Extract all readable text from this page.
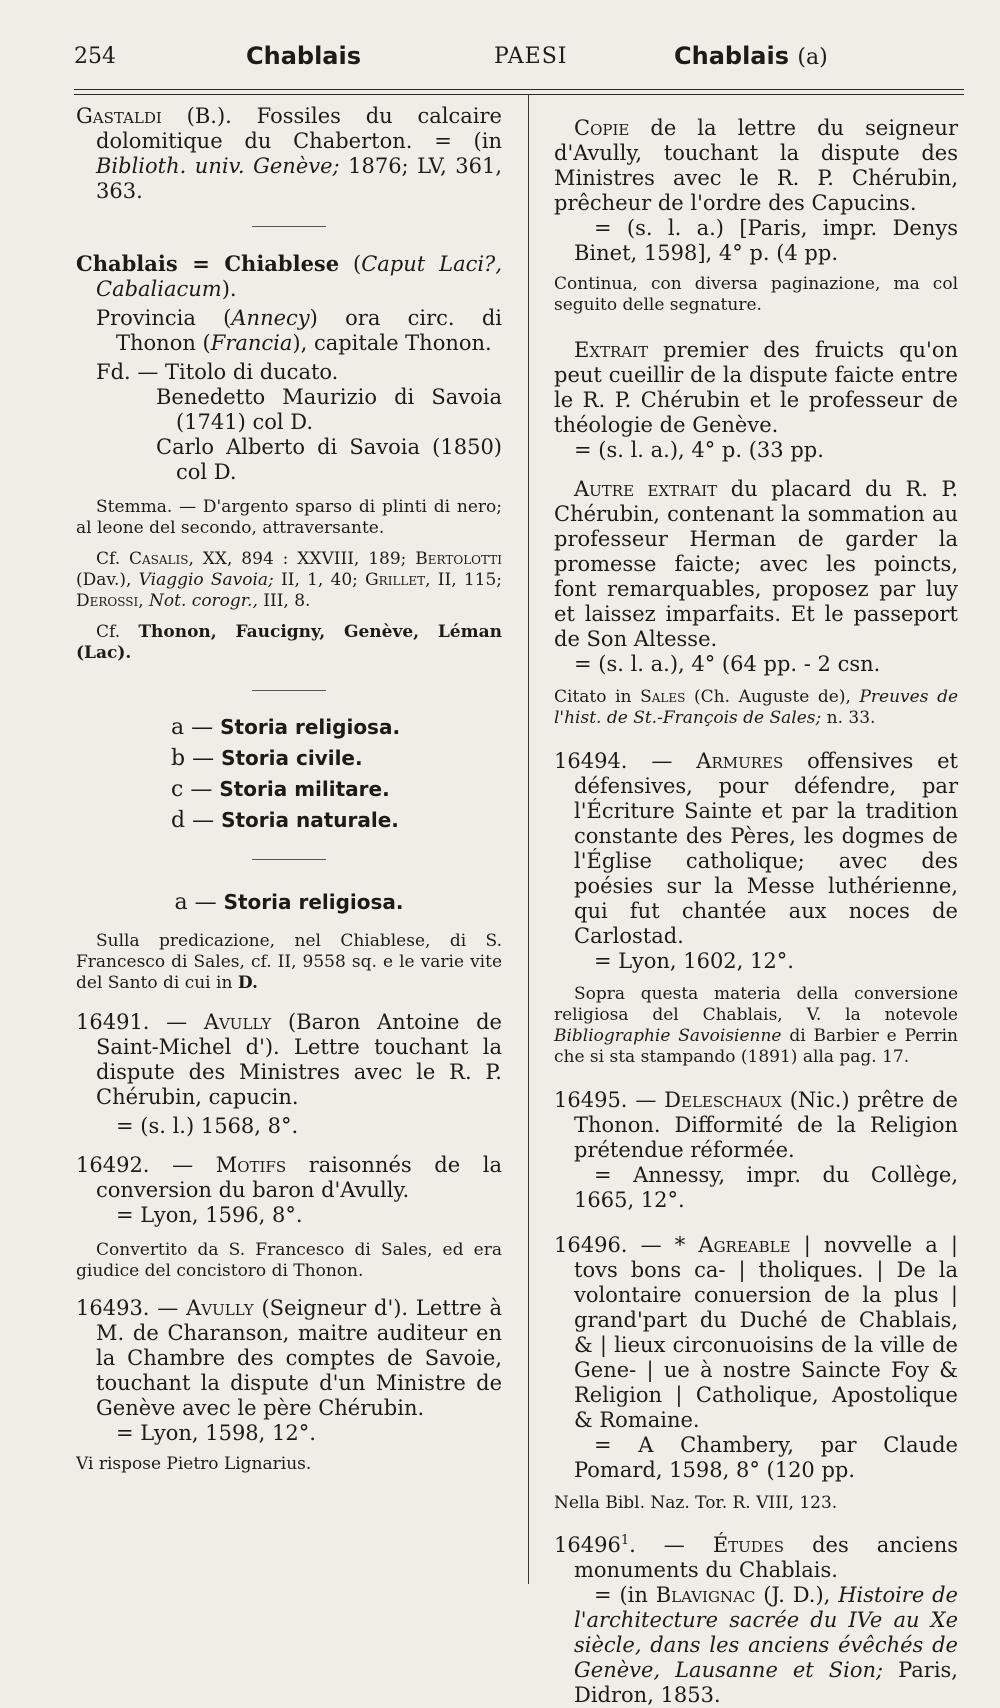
254	Chablais	PAESI	Chablais (a)

Gastaldi (B.). Fossiles du calcaire dolomitique du Chaberton. = (in Biblioth. univ. Genève; 1876; LV, 361, 363.

Chablais = Chiablese (Caput Laci?, Cabaliacum).

Provincia (Annecy) ora circ. di Thonon (Francia), capitale Thonon.

Fd. — Titolo di ducato.

Benedetto Maurizio di Savoia (1741) col D.

Carlo Alberto di Savoia (1850) col D.

Stemma. — D'argento sparso di plinti di nero; al leone del secondo, attraversante.

Cf. Casalis, XX, 894 : XXVIII, 189; Bertolotti (Dav.), Viaggio Savoia; II, 1, 40; Grillet, II, 115; Derossi, Not. corogr., III, 8.

Cf. Thonon, Faucigny, Genève, Léman (Lac).

a — Storia religiosa.

b — Storia civile.

c — Storia militare.

d — Storia naturale.

a — Storia religiosa.

Sulla predicazione, nel Chiablese, di S. Francesco di Sales, cf. II, 9558 sq. e le varie vite del Santo di cui in D.

16491. — Avully (Baron Antoine de Saint-Michel d'). Lettre touchant la dispute des Ministres avec le R. P. Chérubin, capucin.

= (s. l.) 1568, 8°.

16492. — Motifs raisonnés de la conversion du baron d'Avully.

= Lyon, 1596, 8°.

Convertito da S. Francesco di Sales, ed era giudice del concistoro di Thonon.

16493. — Avully (Seigneur d'). Lettre à M. de Charanson, maitre auditeur en la Chambre des comptes de Savoie, touchant la dispute d'un Ministre de Genève avec le père Chérubin.

= Lyon, 1598, 12°.

Vi rispose Pietro Lignarius.

Copie de la lettre du seigneur d'Avully, touchant la dispute des Ministres avec le R. P. Chérubin, prêcheur de l'ordre des Capucins.

= (s. l. a.) [Paris, impr. Denys Binet, 1598], 4° p. (4 pp.

Continua, con diversa paginazione, ma col seguito delle segnature.

Extrait premier des fruicts qu'on peut cueillir de la dispute faicte entre le R. P. Chérubin et le professeur de théologie de Genève.

= (s. l. a.), 4° p. (33 pp.

Autre extrait du placard du R. P. Chérubin, contenant la sommation au professeur Herman de garder la promesse faicte; avec les poincts, font remarquables, proposez par luy et laissez imparfaits. Et le passeport de Son Altesse.

= (s. l. a.), 4° (64 pp. - 2 csn.

Citato in Sales (Ch. Auguste de), Preuves de l'hist. de St.-François de Sales; n. 33.

16494. — Armures offensives et défensives, pour défendre, par l'Écriture Sainte et par la tradition constante des Pères, les dogmes de l'Église catholique; avec des poésies sur la Messe luthérienne, qui fut chantée aux noces de Carlostad.

= Lyon, 1602, 12°.

Sopra questa materia della conversione religiosa del Chablais, V. la notevole Bibliographie Savoisienne di Barbier e Perrin che si sta stampando (1891) alla pag. 17.

16495. — Deleschaux (Nic.) prêtre de Thonon. Difformité de la Religion prétendue réformée.

= Annessy, impr. du Collège, 1665, 12°.

16496. — * Agreable | novvelle a | tovs bons ca- | tholiques. | De la volontaire conuersion de la plus | grand'part du Duché de Chablais, & | lieux circonuoisins de la ville de Gene- | ue à nostre Saincte Foy & Religion | Catholique, Apostolique & Romaine.

= A Chambery, par Claude Pomard, 1598, 8° (120 pp.

Nella Bibl. Naz. Tor. R. VIII, 123.

16496$^1$. — Études des anciens monuments du Chablais.

= (in Blavignac (J. D.), Histoire de l'architecture sacrée du IVe au Xe siècle, dans les anciens évêchés de Genève, Lausanne et Sion; Paris, Didron, 1853.
